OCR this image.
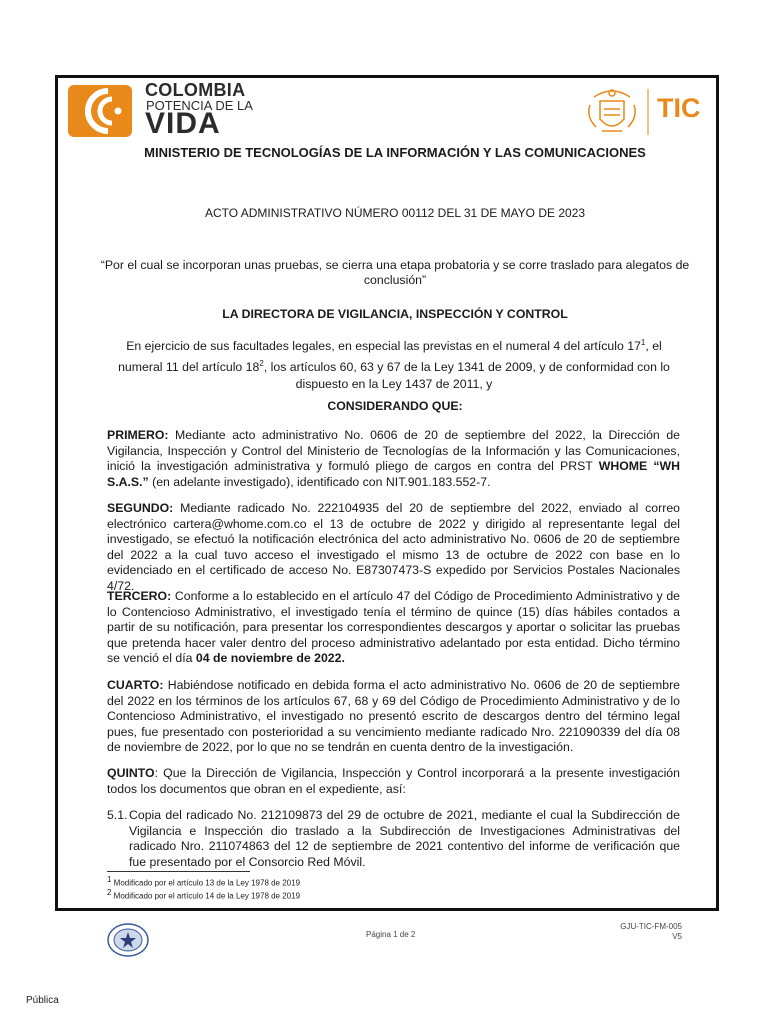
COLOMBIA
POTENCIA DE LA
VIDA	TIC
MINISTERIO DE TECNOLOGÍAS DE LA INFORMACIÓN Y LAS COMUNICACIONES
ACTO ADMINISTRATIVO NÚMERO 00112 DEL 31 DE MAYO DE 2023
“Por el cual se incorporan unas pruebas, se cierra una etapa probatoria y se corre traslado para alegatos de conclusión”
LA DIRECTORA DE VIGILANCIA, INSPECCIÓN Y CONTROL
En ejercicio de sus facultades legales, en especial las previstas en el numeral 4 del artículo $17^1$, el numeral 11 del artículo $18^2$, los artículos 60, 63 y 67 de la Ley 1341 de 2009, y de conformidad con lo dispuesto en la Ley 1437 de 2011, y
CONSIDERANDO QUE:
PRIMERO: Mediante acto administrativo No. 0606 de 20 de septiembre del 2022, la Dirección de Vigilancia, Inspección y Control del Ministerio de Tecnologías de la Información y las Comunicaciones, inició la investigación administrativa y formuló pliego de cargos en contra del PRST WHOME “WH S.A.S.” (en adelante investigado), identificado con NIT.901.183.552-7.
SEGUNDO: Mediante radicado No. 222104935 del 20 de septiembre del 2022, enviado al correo electrónico cartera@whome.com.co el 13 de octubre de 2022 y dirigido al representante legal del investigado, se efectuó la notificación electrónica del acto administrativo No. 0606 de 20 de septiembre del 2022 a la cual tuvo acceso el investigado el mismo 13 de octubre de 2022 con base en lo evidenciado en el certificado de acceso No. E87307473-S expedido por Servicios Postales Nacionales 4/72.
TERCERO: Conforme a lo establecido en el artículo 47 del Código de Procedimiento Administrativo y de lo Contencioso Administrativo, el investigado tenía el término de quince (15) días hábiles contados a partir de su notificación, para presentar los correspondientes descargos y aportar o solicitar las pruebas que pretenda hacer valer dentro del proceso administrativo adelantado por esta entidad. Dicho término se venció el día 04 de noviembre de 2022.
CUARTO: Habiéndose notificado en debida forma el acto administrativo No. 0606 de 20 de septiembre del 2022 en los términos de los artículos 67, 68 y 69 del Código de Procedimiento Administrativo y de lo Contencioso Administrativo, el investigado no presentó escrito de descargos dentro del término legal pues, fue presentado con posterioridad a su vencimiento mediante radicado Nro. 221090339 del día 08 de noviembre de 2022, por lo que no se tendrán en cuenta dentro de la investigación.
QUINTO: Que la Dirección de Vigilancia, Inspección y Control incorporará a la presente investigación todos los documentos que obran en el expediente, así:
5.1. Copia del radicado No. 212109873 del 29 de octubre de 2021, mediante el cual la Subdirección de Vigilancia e Inspección dio traslado a la Subdirección de Investigaciones Administrativas del radicado Nro. 211074863 del 12 de septiembre de 2021 contentivo del informe de verificación que fue presentado por el Consorcio Red Móvil.
$^1$ Modificado por el artículo 13 de la Ley 1978 de 2019
$^2$ Modificado por el artículo 14 de la Ley 1978 de 2019
Página 1 de 2
GJU-TIC-FM-005
V5
Pública
